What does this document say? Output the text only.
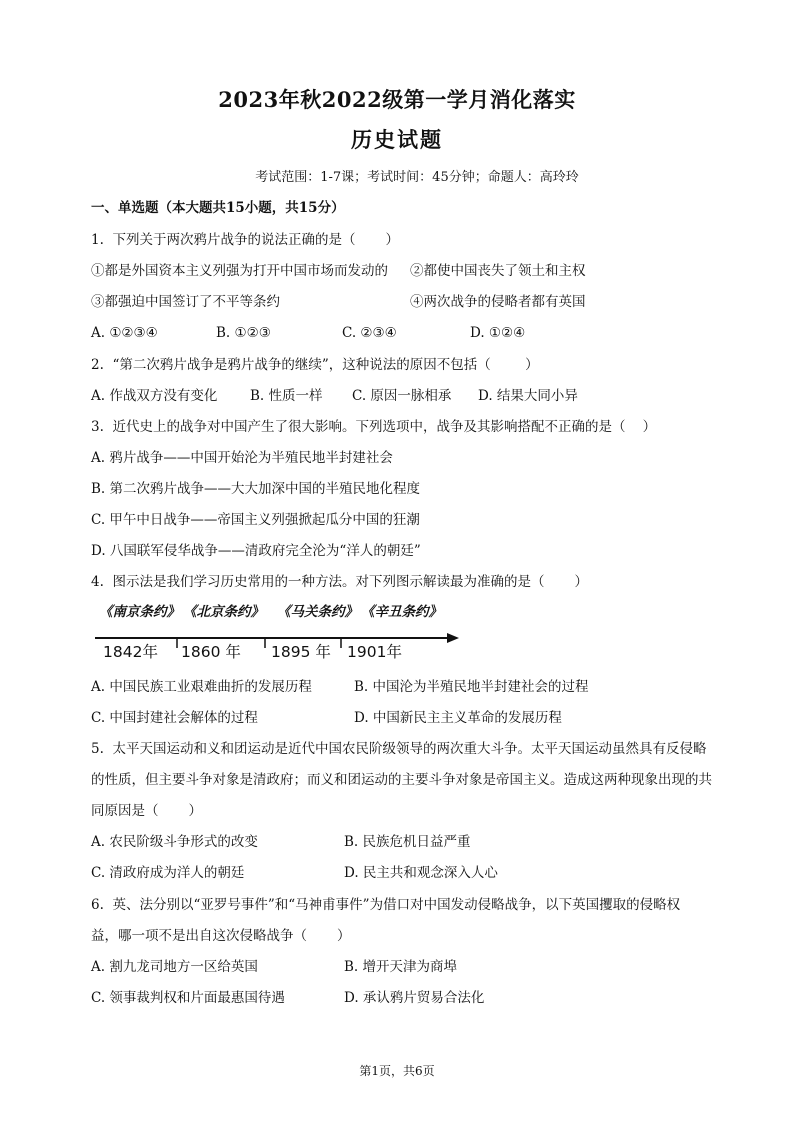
2023年秋2022级第一学月消化落实
历史试题
考试范围：1-7课；考试时间：45分钟；命题人：高玲玲
一、单选题（本大题共15小题，共15分）
1.  下列关于两次鸦片战争的说法正确的是（       ）
①都是外国资本主义列强为打开中国市场而发动的 ②都使中国丧失了领土和主权
③都强迫中国签订了不平等条约	④两次战争的侵略者都有英国
A. ①②③④	B. ①②③	C. ②③④	D. ①②④
2.  “第二次鸦片战争是鸦片战争的继续”，这种说法的原因不包括（        ）
A. 作战双方没有变化 B. 性质一样 C. 原因一脉相承 D. 结果大同小异
3.  近代史上的战争对中国产生了很大影响。下列选项中，战争及其影响搭配不正确的是（    ）
A. 鸦片战争——中国开始沦为半殖民地半封建社会
B. 第二次鸦片战争——大大加深中国的半殖民地化程度
C. 甲午中日战争——帝国主义列强掀起瓜分中国的狂潮
D. 八国联军侵华战争——清政府完全沦为“洋人的朝廷”
4.  图示法是我们学习历史常用的一种方法。对下列图示解读最为准确的是（       ）
《南京条约》 《北京条约》 《马关条约》 《辛丑条约》
1842年 1860 年 1895 年 1901年
A. 中国民族工业艰难曲折的发展历程	B. 中国沦为半殖民地半封建社会的过程
C. 中国封建社会解体的过程	D. 中国新民主主义革命的发展历程
5.  太平天国运动和义和团运动是近代中国农民阶级领导的两次重大斗争。太平天国运动虽然具有反侵略
的性质，但主要斗争对象是清政府；而义和团运动的主要斗争对象是帝国主义。造成这两种现象出现的共
同原因是（       ）
A. 农民阶级斗争形式的改变	B. 民族危机日益严重
C. 清政府成为洋人的朝廷	D. 民主共和观念深入人心
6.  英、法分别以“亚罗号事件”和“马神甫事件”为借口对中国发动侵略战争，以下英国攫取的侵略权
益，哪一项不是出自这次侵略战争（       ）
A. 割九龙司地方一区给英国	B. 增开天津为商埠
C. 领事裁判权和片面最惠国待遇	D. 承认鸦片贸易合法化
第1页，共6页
